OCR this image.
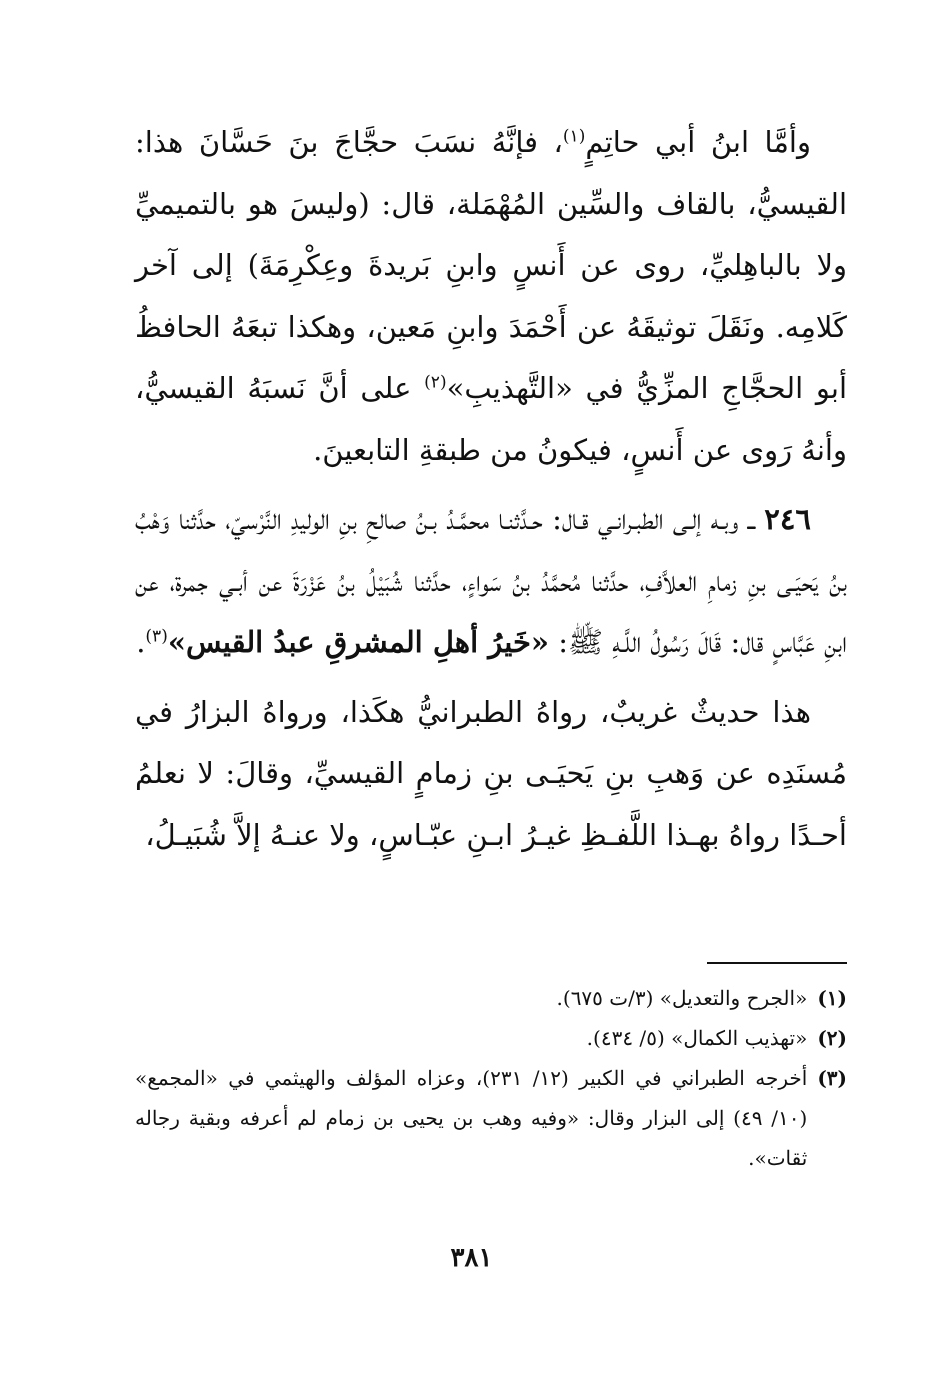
وأمَّا ابنُ أبي حاتِمٍ$^{(١)}$، فإنَّهُ نسَبَ حجَّاجَ بنَ حَسَّانَ هذا: القيسيُّ، بالقاف والسِّين المُهْمَلة، قال: (وليسَ هو بالتميميِّ ولا بالباهِليِّ، روى عن أَنسٍ وابنِ بَريدةَ وعِكْرِمَةَ) إلى آخر كَلامِه. ونَقَلَ توثيقَهُ عن أَحْمَدَ وابنِ مَعين، وهكذا تبعَهُ الحافظُ أبو الحجَّاجِ المزِّيُّ في «التَّهذيبِ»$^{(٢)}$ على أنَّ نَسبَهُ القيسيُّ، وأنهُ رَوى عن أَنسٍ، فيكونُ من طبقةِ التابعينَ.

٢٤٦ ــ وبـه إلـى الطبـرانـي قـال: حـدَّثنـا محمَّـدُ بـنُ صالحِ بنِ الوليدِ النَّرْسيّ، حدَّثنا وَهْبُ بنُ يَحيَـى بنِ زمامِ العلاَّفِ، حدَّثنا مُحمَّدُ بنُ سَواءٍ، حدَّثنا شُبَيْلُ بنُ عَزْرَةَ عن أبـي جمرة، عن ابنِ عَبَّاسٍ قال: قَالَ رَسُولُ اللَّـهِ ﷺ: «خَيرُ أهلِ المشرقِ عبدُ القيس»$^{(٣)}$.

هذا حديثٌ غريبٌ، رواهُ الطبرانيُّ هكَذا، ورواهُ البزارُ في مُسنَدِه عن وَهبِ بنِ يَحيَـى بنِ زمامٍ القيسيِّ، وقالَ: لا نعلمُ أحـدًا رواهُ بهـذا اللَّفـظِ غيـرُ ابـنِ عبّـاسٍ، ولا عنـهُ إلاَّ شُبَيـلُ،

(١)
«الجرح والتعديل» (٣/ت ٦٧٥).

(٢)
«تهذيب الكمال» (٥/ ٤٣٤).

(٣)
أخرجه الطبراني في الكبير (١٢/ ٢٣١)، وعزاه المؤلف والهيثمي في «المجمع» (١٠/ ٤٩) إلى البزار وقال: «وفيه وهب بن يحيى بن زمام لم أعرفه وبقية رجاله ثقات».

٣٨١
